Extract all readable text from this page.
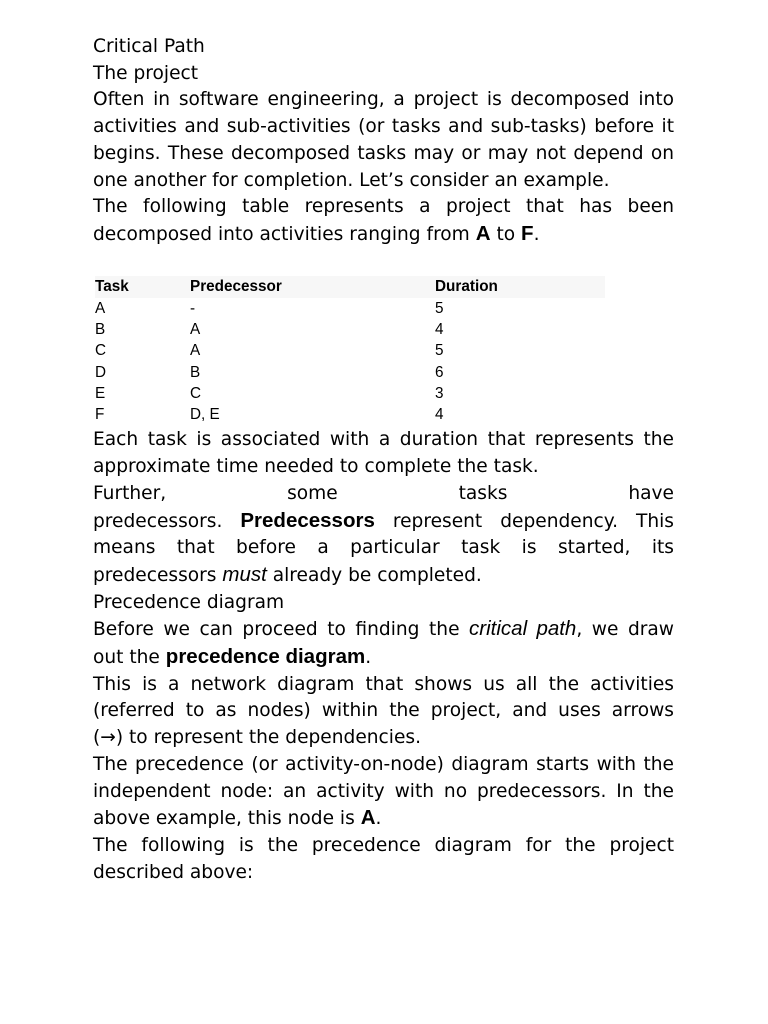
Critical Path
The project
Often in software engineering, a project is decomposed into
activities and sub-activities (or tasks and sub-tasks) before it
begins. These decomposed tasks may or may not depend on
one another for completion. Let’s consider an example.
The following table represents a project that has been
decomposed into activities ranging from A to F.
Task	Predecessor	Duration
A	-	5
B	A	4
C	A	5
D	B	6
E	C	3
F	D, E	4
Each task is associated with a duration that represents the
approximate time needed to complete the task.
Further, some tasks have
predecessors. Predecessors represent dependency. This
means that before a particular task is started, its
predecessors must already be completed.
Precedence diagram
Before we can proceed to finding the critical path, we draw
out the precedence diagram.
This is a network diagram that shows us all the activities
(referred to as nodes) within the project, and uses arrows
(→) to represent the dependencies.
The precedence (or activity-on-node) diagram starts with the
independent node: an activity with no predecessors. In the
above example, this node is A.
The following is the precedence diagram for the project
described above:
